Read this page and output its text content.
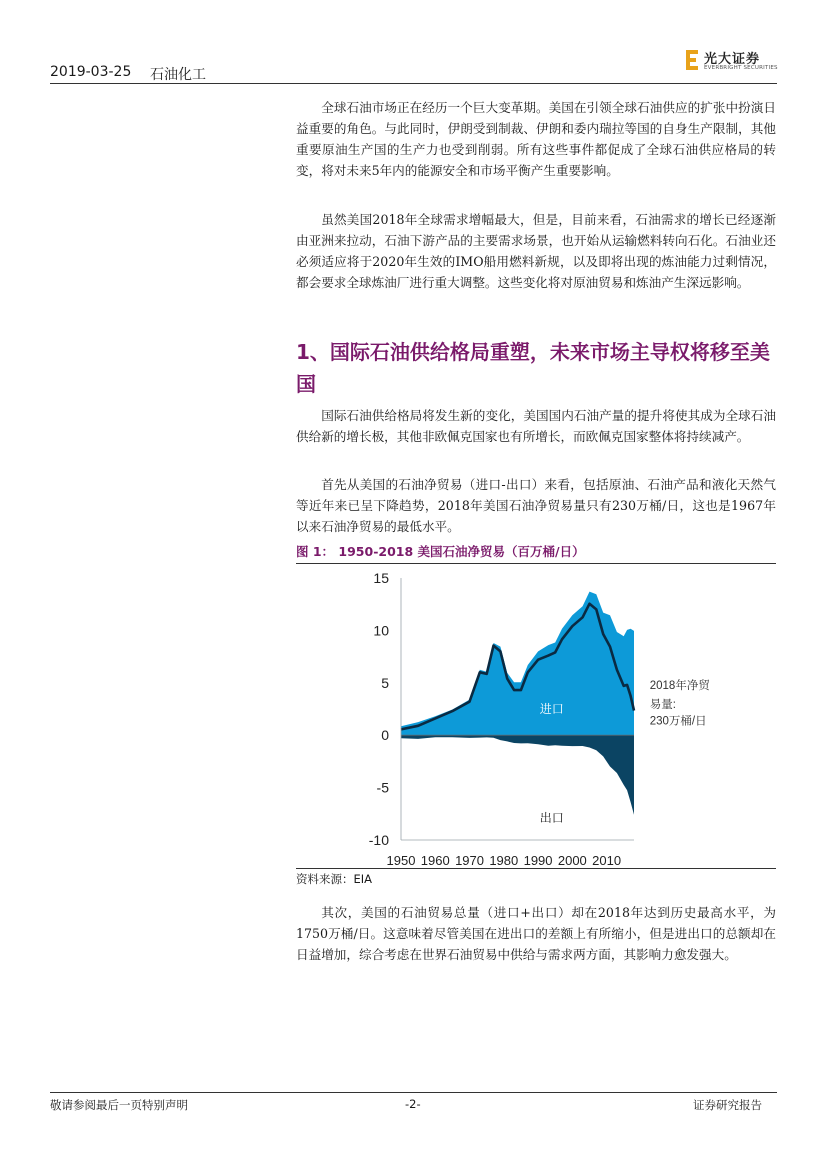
2019-03-25 石油化工
光大证券
EVERBRIGHT SECURITIES

全球石油市场正在经历一个巨大变革期。美国在引领全球石油供应的扩张中扮演日益重要的角色。与此同时，伊朗受到制裁、伊朗和委内瑞拉等国的自身生产限制，其他重要原油生产国的生产力也受到削弱。所有这些事件都促成了全球石油供应格局的转变，将对未来5年内的能源安全和市场平衡产生重要影响。

虽然美国2018年全球需求增幅最大，但是，目前来看，石油需求的增长已经逐渐由亚洲来拉动，石油下游产品的主要需求场景，也开始从运输燃料转向石化。石油业还必须适应将于2020年生效的IMO船用燃料新规，以及即将出现的炼油能力过剩情况，都会要求全球炼油厂进行重大调整。这些变化将对原油贸易和炼油产生深远影响。

1、国际石油供给格局重塑，未来市场主导权将移至美国

国际石油供给格局将发生新的变化，美国国内石油产量的提升将使其成为全球石油供给新的增长极，其他非欧佩克国家也有所增长，而欧佩克国家整体将持续减产。

首先从美国的石油净贸易（进口-出口）来看，包括原油、石油产品和液化天然气等近年来已呈下降趋势，2018年美国石油净贸易量只有230万桶/日，这也是1967年以来石油净贸易的最低水平。

图 1： 1950-2018 美国石油净贸易（百万桶/日）
15
10
5
0
-5
-10
1950 1960 1970 1980 1990 2000 2010
进口
出口
2018年净贸
易量:
230万桶/日
资料来源：EIA

其次，美国的石油贸易总量（进口+出口）却在2018年达到历史最高水平，为1750万桶/日。这意味着尽管美国在进出口的差额上有所缩小，但是进出口的总额却在日益增加，综合考虑在世界石油贸易中供给与需求两方面，其影响力愈发强大。

敬请参阅最后一页特别声明	-2-	证券研究报告
